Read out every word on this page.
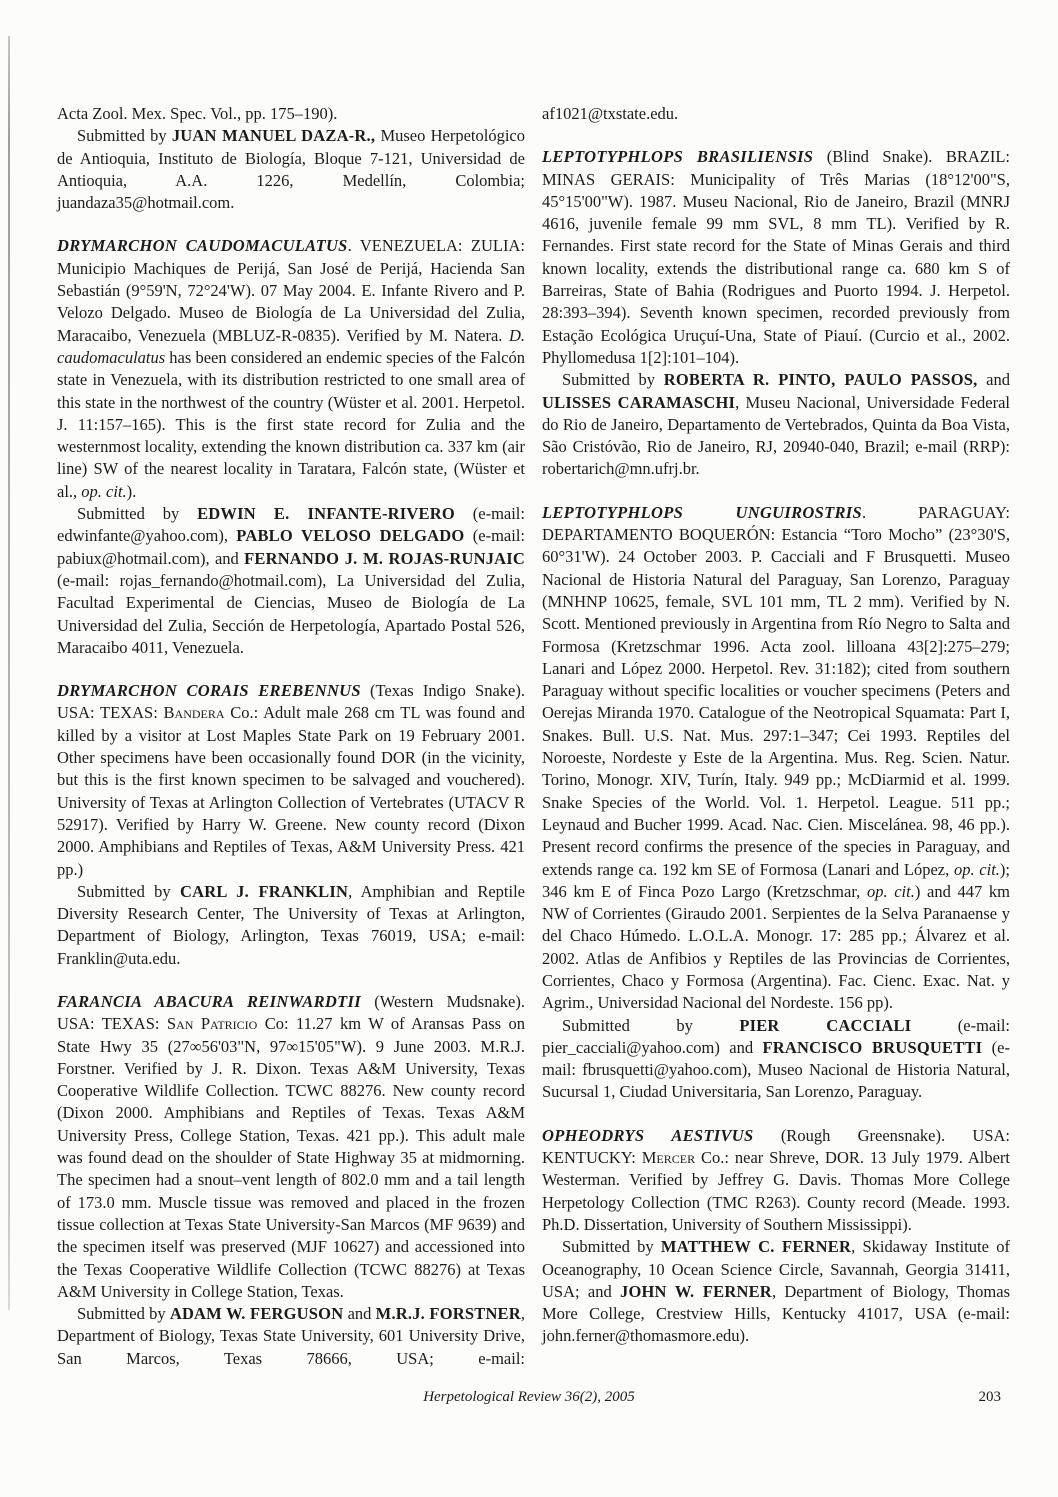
Acta Zool. Mex. Spec. Vol., pp. 175–190).

Submitted by JUAN MANUEL DAZA-R., Museo Herpetológico de Antioquia, Instituto de Biología, Bloque 7-121, Universidad de Antioquia, A.A. 1226, Medellín, Colombia; juandaza35@hotmail.com.

DRYMARCHON CAUDOMACULATUS. VENEZUELA: ZULIA: Municipio Machiques de Perijá, San José de Perijá, Hacienda San Sebastián (9°59'N, 72°24'W). 07 May 2004. E. Infante Rivero and P. Velozo Delgado. Museo de Biología de La Universidad del Zulia, Maracaibo, Venezuela (MBLUZ-R-0835). Verified by M. Natera. D. caudomaculatus has been considered an endemic species of the Falcón state in Venezuela, with its distribution restricted to one small area of this state in the northwest of the country (Wüster et al. 2001. Herpetol. J. 11:157–165). This is the first state record for Zulia and the westernmost locality, extending the known distribution ca. 337 km (air line) SW of the nearest locality in Taratara, Falcón state, (Wüster et al., op. cit.).

Submitted by EDWIN E. INFANTE-RIVERO (e-mail: edwinfante@yahoo.com), PABLO VELOSO DELGADO (e-mail: pabiux@hotmail.com), and FERNANDO J. M. ROJAS-RUNJAIC (e-mail: rojas_fernando@hotmail.com), La Universidad del Zulia, Facultad Experimental de Ciencias, Museo de Biología de La Universidad del Zulia, Sección de Herpetología, Apartado Postal 526, Maracaibo 4011, Venezuela.

DRYMARCHON CORAIS EREBENNUS (Texas Indigo Snake). USA: TEXAS: Bandera Co.: Adult male 268 cm TL was found and killed by a visitor at Lost Maples State Park on 19 February 2001. Other specimens have been occasionally found DOR (in the vicinity, but this is the first known specimen to be salvaged and vouchered). University of Texas at Arlington Collection of Vertebrates (UTACV R 52917). Verified by Harry W. Greene. New county record (Dixon 2000. Amphibians and Reptiles of Texas, A&M University Press. 421 pp.)

Submitted by CARL J. FRANKLIN, Amphibian and Reptile Diversity Research Center, The University of Texas at Arlington, Department of Biology, Arlington, Texas 76019, USA; e-mail: Franklin@uta.edu.

FARANCIA ABACURA REINWARDTII (Western Mudsnake). USA: TEXAS: San Patricio Co: 11.27 km W of Aransas Pass on State Hwy 35 (27∞56'03"N, 97∞15'05"W). 9 June 2003. M.R.J. Forstner. Verified by J. R. Dixon. Texas A&M University, Texas Cooperative Wildlife Collection. TCWC 88276. New county record (Dixon 2000. Amphibians and Reptiles of Texas. Texas A&M University Press, College Station, Texas. 421 pp.). This adult male was found dead on the shoulder of State Highway 35 at midmorning. The specimen had a snout–vent length of 802.0 mm and a tail length of 173.0 mm. Muscle tissue was removed and placed in the frozen tissue collection at Texas State University-San Marcos (MF 9639) and the specimen itself was preserved (MJF 10627) and accessioned into the Texas Cooperative Wildlife Collection (TCWC 88276) at Texas A&M University in College Station, Texas.

Submitted by ADAM W. FERGUSON and M.R.J. FORSTNER, Department of Biology, Texas State University, 601 University Drive, San Marcos, Texas 78666, USA; e-mail:

af1021@txstate.edu.

LEPTOTYPHLOPS BRASILIENSIS (Blind Snake). BRAZIL: MINAS GERAIS: Municipality of Três Marias (18°12'00"S, 45°15'00"W). 1987. Museu Nacional, Rio de Janeiro, Brazil (MNRJ 4616, juvenile female 99 mm SVL, 8 mm TL). Verified by R. Fernandes. First state record for the State of Minas Gerais and third known locality, extends the distributional range ca. 680 km S of Barreiras, State of Bahia (Rodrigues and Puorto 1994. J. Herpetol. 28:393–394). Seventh known specimen, recorded previously from Estação Ecológica Uruçuí-Una, State of Piauí. (Curcio et al., 2002. Phyllomedusa 1[2]:101–104).

Submitted by ROBERTA R. PINTO, PAULO PASSOS, and ULISSES CARAMASCHI, Museu Nacional, Universidade Federal do Rio de Janeiro, Departamento de Vertebrados, Quinta da Boa Vista, São Cristóvão, Rio de Janeiro, RJ, 20940-040, Brazil; e-mail (RRP): robertarich@mn.ufrj.br.

LEPTOTYPHLOPS UNGUIROSTRIS. PARAGUAY: DEPARTAMENTO BOQUERÓN: Estancia “Toro Mocho” (23°30'S, 60°31'W). 24 October 2003. P. Cacciali and F Brusquetti. Museo Nacional de Historia Natural del Paraguay, San Lorenzo, Paraguay (MNHNP 10625, female, SVL 101 mm, TL 2 mm). Verified by N. Scott. Mentioned previously in Argentina from Río Negro to Salta and Formosa (Kretzschmar 1996. Acta zool. lilloana 43[2]:275–279; Lanari and López 2000. Herpetol. Rev. 31:182); cited from southern Paraguay without specific localities or voucher specimens (Peters and Oerejas Miranda 1970. Catalogue of the Neotropical Squamata: Part I, Snakes. Bull. U.S. Nat. Mus. 297:1–347; Cei 1993. Reptiles del Noroeste, Nordeste y Este de la Argentina. Mus. Reg. Scien. Natur. Torino, Monogr. XIV, Turín, Italy. 949 pp.; McDiarmid et al. 1999. Snake Species of the World. Vol. 1. Herpetol. League. 511 pp.; Leynaud and Bucher 1999. Acad. Nac. Cien. Miscelánea. 98, 46 pp.). Present record confirms the presence of the species in Paraguay, and extends range ca. 192 km SE of Formosa (Lanari and López, op. cit.); 346 km E of Finca Pozo Largo (Kretzschmar, op. cit.) and 447 km NW of Corrientes (Giraudo 2001. Serpientes de la Selva Paranaense y del Chaco Húmedo. L.O.L.A. Monogr. 17: 285 pp.; Álvarez et al. 2002. Atlas de Anfibios y Reptiles de las Provincias de Corrientes, Corrientes, Chaco y Formosa (Argentina). Fac. Cienc. Exac. Nat. y Agrim., Universidad Nacional del Nordeste. 156 pp).

Submitted by PIER CACCIALI (e-mail: pier_cacciali@yahoo.com) and FRANCISCO BRUSQUETTI (e-mail: fbrusquetti@yahoo.com), Museo Nacional de Historia Natural, Sucursal 1, Ciudad Universitaria, San Lorenzo, Paraguay.

OPHEODRYS AESTIVUS (Rough Greensnake). USA: KENTUCKY: Mercer Co.: near Shreve, DOR. 13 July 1979. Albert Westerman. Verified by Jeffrey G. Davis. Thomas More College Herpetology Collection (TMC R263). County record (Meade. 1993. Ph.D. Dissertation, University of Southern Mississippi).

Submitted by MATTHEW C. FERNER, Skidaway Institute of Oceanography, 10 Ocean Science Circle, Savannah, Georgia 31411, USA; and JOHN W. FERNER, Department of Biology, Thomas More College, Crestview Hills, Kentucky 41017, USA (e-mail: john.ferner@thomasmore.edu).

Herpetological Review 36(2), 2005	203
